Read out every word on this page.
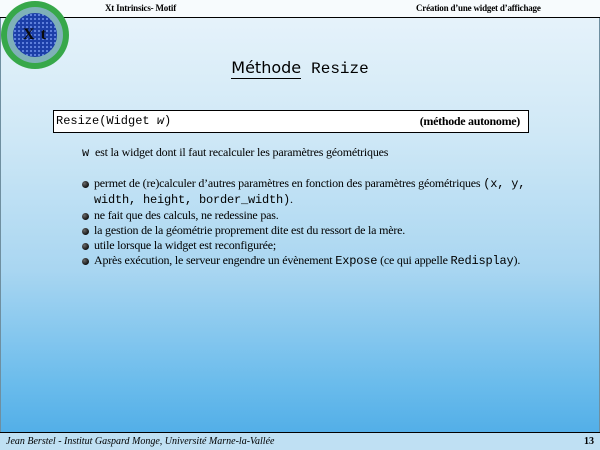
Xt Intrinsics- Motif	Création d’une widget d’affichage
X t
Méthode Resize
Resize(Widget w)	(méthode autonome)
w est la widget dont il faut recalculer les paramètres géométriques
permet de (re)calculer d’autres paramètres en fonction des paramètres géométriques (x, y, width, height, border_width).
ne fait que des calculs, ne redessine pas.
la gestion de la géométrie proprement dite est du ressort de la mère.
utile lorsque la widget est reconfigurée;
Après exécution, le serveur engendre un évènement Expose (ce qui appelle Redisplay).
Jean Berstel - Institut Gaspard Monge, Université Marne-la-Vallée	13
